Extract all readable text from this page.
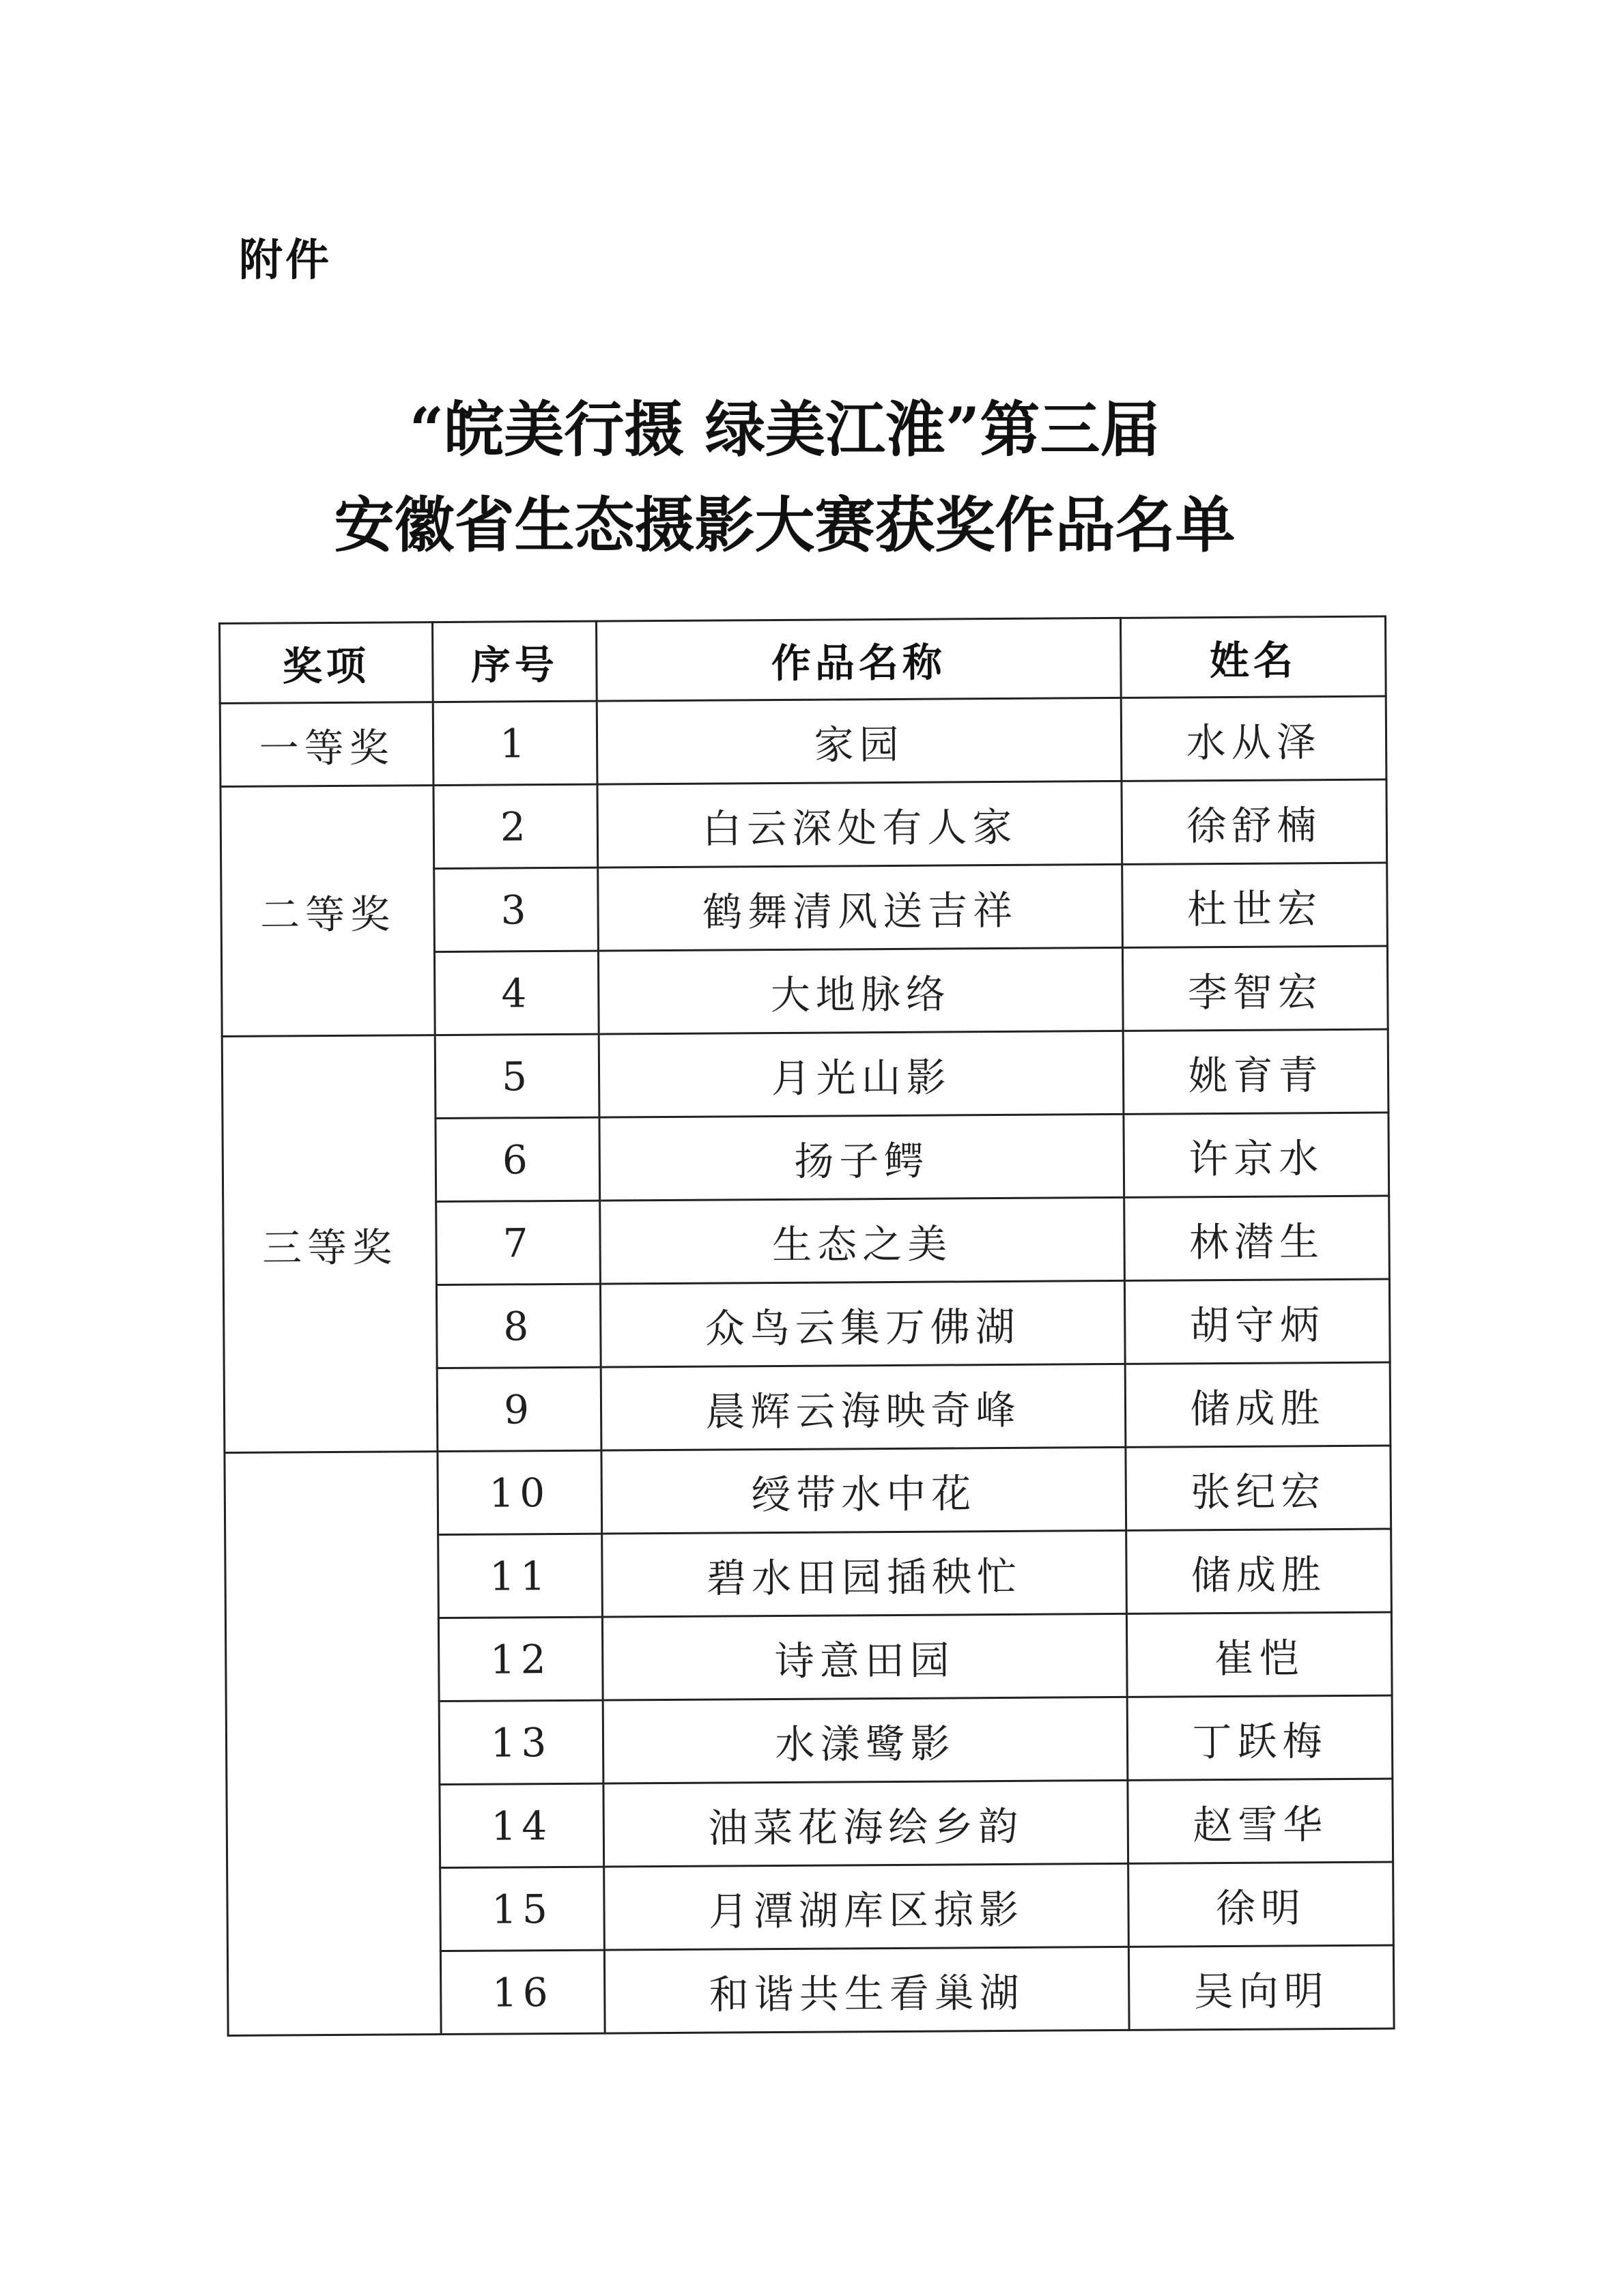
附件
“皖美行摄 绿美江淮”第三届
安徽省生态摄影大赛获奖作品名单
奖项	序号	作品名称	姓名
一等奖	1	家园	水从泽
二等奖	2	白云深处有人家	徐舒楠
	3	鹤舞清风送吉祥	杜世宏
	4	大地脉络	李智宏
三等奖	5	月光山影	姚育青
	6	扬子鳄	许京水
	7	生态之美	林潜生
	8	众鸟云集万佛湖	胡守炳
	9	晨辉云海映奇峰	储成胜
	10	绶带水中花	张纪宏
	11	碧水田园插秧忙	储成胜
	12	诗意田园	崔恺
	13	水漾鹭影	丁跃梅
	14	油菜花海绘乡韵	赵雪华
	15	月潭湖库区掠影	徐明
	16	和谐共生看巢湖	吴向明
